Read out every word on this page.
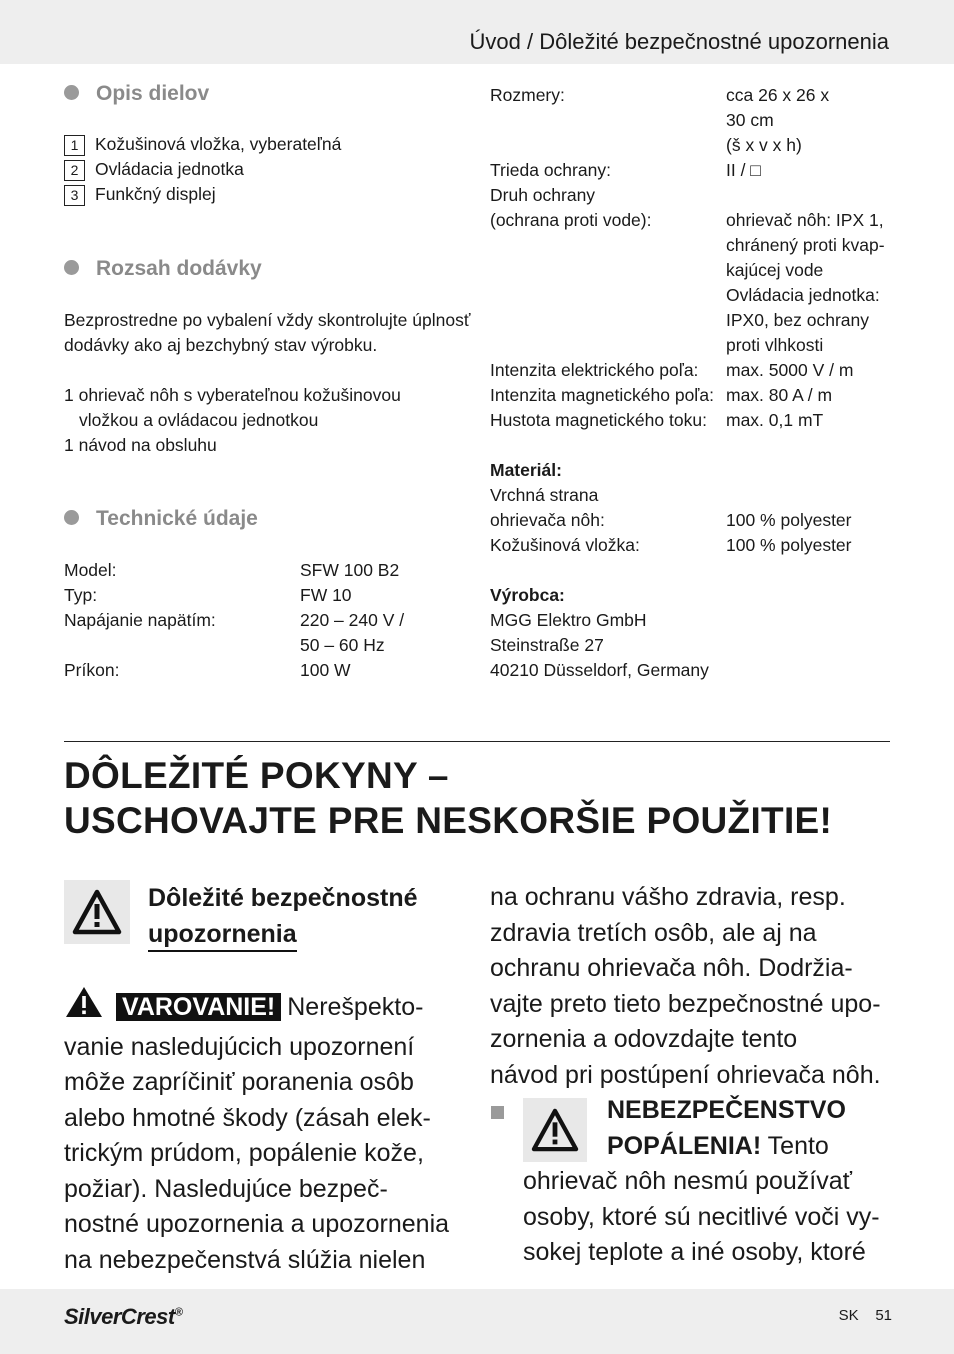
Úvod / Dôležité bezpečnostné upozornenia
Opis dielov
1 Kožušinová vložka, vyberateľná
2 Ovládacia jednotka
3 Funkčný displej
Rozsah dodávky
Bezprostredne po vybalení vždy skontrolujte úplnosť
dodávky ako aj bezchybný stav výrobku.
1 ohrievač nôh s vyberateľnou kožušinovou
vložkou a ovládacou jednotkou
1 návod na obsluhu
Technické údaje
Model:	SFW 100 B2
Typ:	FW 10
Napájanie napätím:	220 – 240 V /
50 – 60 Hz
Príkon:	100 W
Rozmery:	cca 26 x 26 x
30 cm
(š x v x h)
Trieda ochrany:	II / □
Druh ochrany
(ochrana proti vode):	ohrievač nôh: IPX 1,
chránený proti kvap-
kajúcej vode
Ovládacia jednotka:
IPX0, bez ochrany
proti vlhkosti
Intenzita elektrického poľa: max. 5000 V / m
Intenzita magnetického poľa: max. 80 A / m
Hustota magnetického toku: max. 0,1 mT
Materiál:
Vrchná strana
ohrievača nôh:	100 % polyester
Kožušinová vložka:	100 % polyester
Výrobca:
MGG Elektro GmbH
Steinstraße 27
40210 Düsseldorf, Germany
DÔLEŽITÉ POKYNY –
USCHOVAJTE PRE NESKORŠIE POUŽITIE!
Dôležité bezpečnostné
upozornenia
VAROVANIE! Nerešpekto-
vanie nasledujúcich upozornení
môže zapríčiniť poranenia osôb
alebo hmotné škody (zásah elek-
trickým prúdom, popálenie kože,
požiar). Nasledujúce bezpeč-
nostné upozornenia a upozornenia
na nebezpečenstvá slúžia nielen
na ochranu vášho zdravia, resp.
zdravia tretích osôb, ale aj na
ochranu ohrievača nôh. Dodržia-
vajte preto tieto bezpečnostné upo-
zornenia a odovzdajte tento
návod pri postúpení ohrievača nôh.
NEBEZPEČENSTVO
POPÁLENIA! Tento
ohrievač nôh nesmú používať
osoby, ktoré sú necitlivé voči vy-
sokej teplote a iné osoby, ktoré
SilverCrest®	SK 51
